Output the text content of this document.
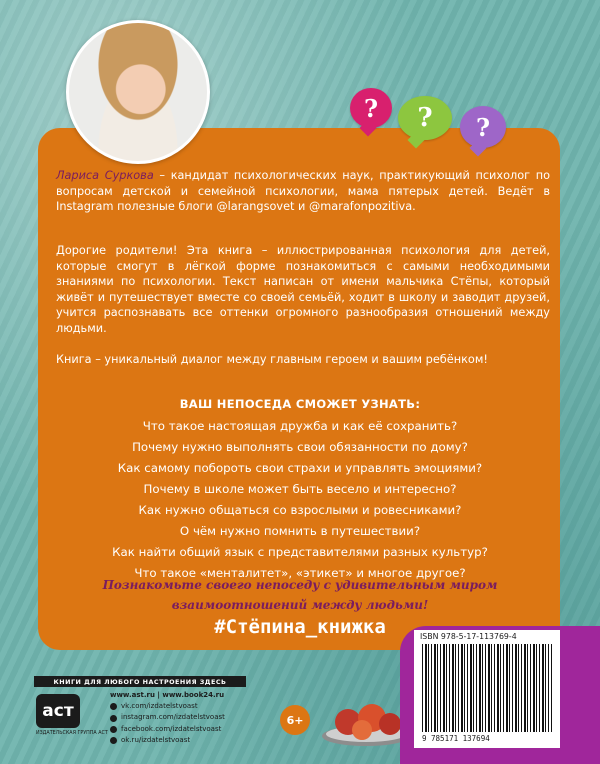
?	?	?
Лариса Суркова – кандидат психологических наук, практикующий психолог по вопросам детской и семейной психологии, мама пятерых детей. Ведёт в Instagram полезные блоги @larangsovet и @marafonpozitiva.
Дорогие родители! Эта книга – иллюстрированная психология для детей, которые смогут в лёгкой форме познакомиться с самыми необходимыми знаниями по психологии. Текст написан от имени мальчика Стёпы, который живёт и путешествует вместе со своей семьёй, ходит в школу и заводит друзей, учится распознавать все оттенки огромного разнообразия отношений между людьми.
Книга – уникальный диалог между главным героем и вашим ребёнком!
ВАШ НЕПОСЕДА СМОЖЕТ УЗНАТЬ:
Что такое настоящая дружба и как её сохранить?
Почему нужно выполнять свои обязанности по дому?
Как самому побороть свои страхи и управлять эмоциями?
Почему в школе может быть весело и интересно?
Как нужно общаться со взрослыми и ровесниками?
О чём нужно помнить в путешествии?
Как найти общий язык с представителями разных культур?
Что такое «менталитет», «этикет» и многое другое?
Познакомьте своего непоседу с удивительным миром
взаимоотношений между людьми!
#Стёпина_книжка
КНИГИ ДЛЯ ЛЮБОГО НАСТРОЕНИЯ ЗДЕСЬ
аст
ИЗДАТЕЛЬСКАЯ ГРУППА АСТ
www.ast.ru | www.book24.ru
vk.com/izdatelstvoast
instagram.com/izdatelstvoast
facebook.com/izdatelstvoast
ok.ru/izdatelstvoast
6+
ISBN 978-5-17-113769-4
9 785171 137694
